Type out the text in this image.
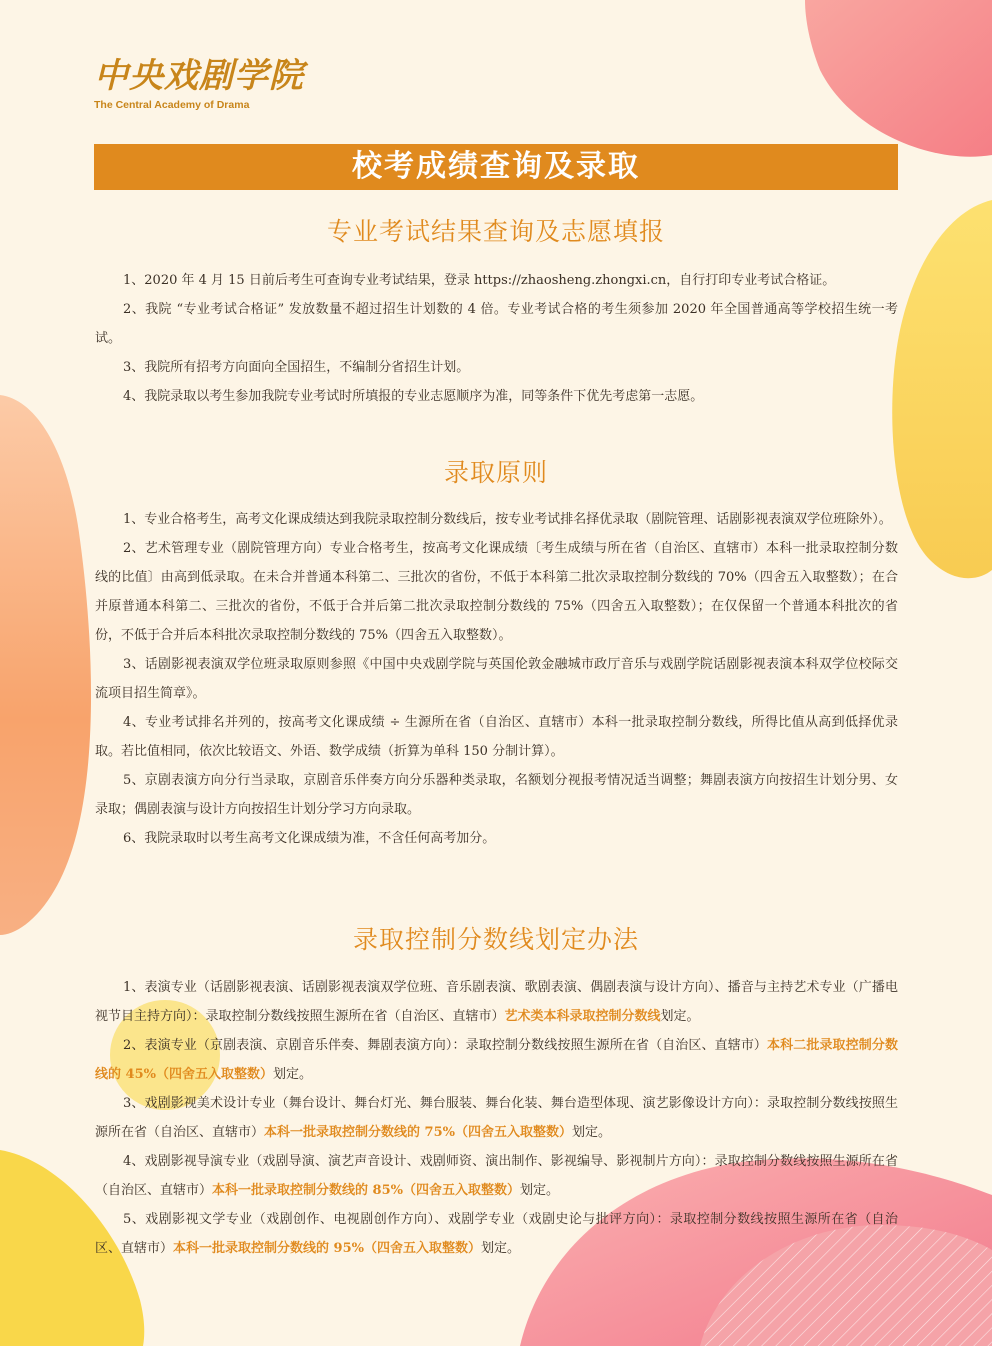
中央戏剧学院
The Central Academy of Drama
校考成绩查询及录取
专业考试结果查询及志愿填报
1、2020 年 4 月 15 日前后考生可查询专业考试结果，登录 https://zhaosheng.zhongxi.cn，自行打印专业考试合格证。
2、我院 “专业考试合格证” 发放数量不超过招生计划数的 4 倍。专业考试合格的考生须参加 2020 年全国普通高等学校招生统一考试。
3、我院所有招考方向面向全国招生，不编制分省招生计划。
4、我院录取以考生参加我院专业考试时所填报的专业志愿顺序为准，同等条件下优先考虑第一志愿。
录取原则
1、专业合格考生，高考文化课成绩达到我院录取控制分数线后，按专业考试排名择优录取（剧院管理、话剧影视表演双学位班除外）。
2、艺术管理专业（剧院管理方向）专业合格考生，按高考文化课成绩〔考生成绩与所在省（自治区、直辖市）本科一批录取控制分数线的比值〕由高到低录取。在未合并普通本科第二、三批次的省份，不低于本科第二批次录取控制分数线的 70%（四舍五入取整数）；在合并原普通本科第二、三批次的省份，不低于合并后第二批次录取控制分数线的 75%（四舍五入取整数）；在仅保留一个普通本科批次的省份，不低于合并后本科批次录取控制分数线的 75%（四舍五入取整数）。
3、话剧影视表演双学位班录取原则参照《中国中央戏剧学院与英国伦敦金融城市政厅音乐与戏剧学院话剧影视表演本科双学位校际交流项目招生简章》。
4、专业考试排名并列的，按高考文化课成绩 ÷ 生源所在省（自治区、直辖市）本科一批录取控制分数线，所得比值从高到低择优录取。若比值相同，依次比较语文、外语、数学成绩（折算为单科 150 分制计算）。
5、京剧表演方向分行当录取，京剧音乐伴奏方向分乐器种类录取，名额划分视报考情况适当调整；舞剧表演方向按招生计划分男、女录取；偶剧表演与设计方向按招生计划分学习方向录取。
6、我院录取时以考生高考文化课成绩为准，不含任何高考加分。
录取控制分数线划定办法
1、表演专业（话剧影视表演、话剧影视表演双学位班、音乐剧表演、歌剧表演、偶剧表演与设计方向）、播音与主持艺术专业（广播电视节目主持方向）：录取控制分数线按照生源所在省（自治区、直辖市）艺术类本科录取控制分数线划定。
2、表演专业（京剧表演、京剧音乐伴奏、舞剧表演方向）：录取控制分数线按照生源所在省（自治区、直辖市）本科二批录取控制分数线的 45%（四舍五入取整数）划定。
3、戏剧影视美术设计专业（舞台设计、舞台灯光、舞台服装、舞台化装、舞台造型体现、演艺影像设计方向）：录取控制分数线按照生源所在省（自治区、直辖市）本科一批录取控制分数线的 75%（四舍五入取整数）划定。
4、戏剧影视导演专业（戏剧导演、演艺声音设计、戏剧师资、演出制作、影视编导、影视制片方向）：录取控制分数线按照生源所在省（自治区、直辖市）本科一批录取控制分数线的 85%（四舍五入取整数）划定。
5、戏剧影视文学专业（戏剧创作、电视剧创作方向）、戏剧学专业（戏剧史论与批评方向）：录取控制分数线按照生源所在省（自治区、直辖市）本科一批录取控制分数线的 95%（四舍五入取整数）划定。
